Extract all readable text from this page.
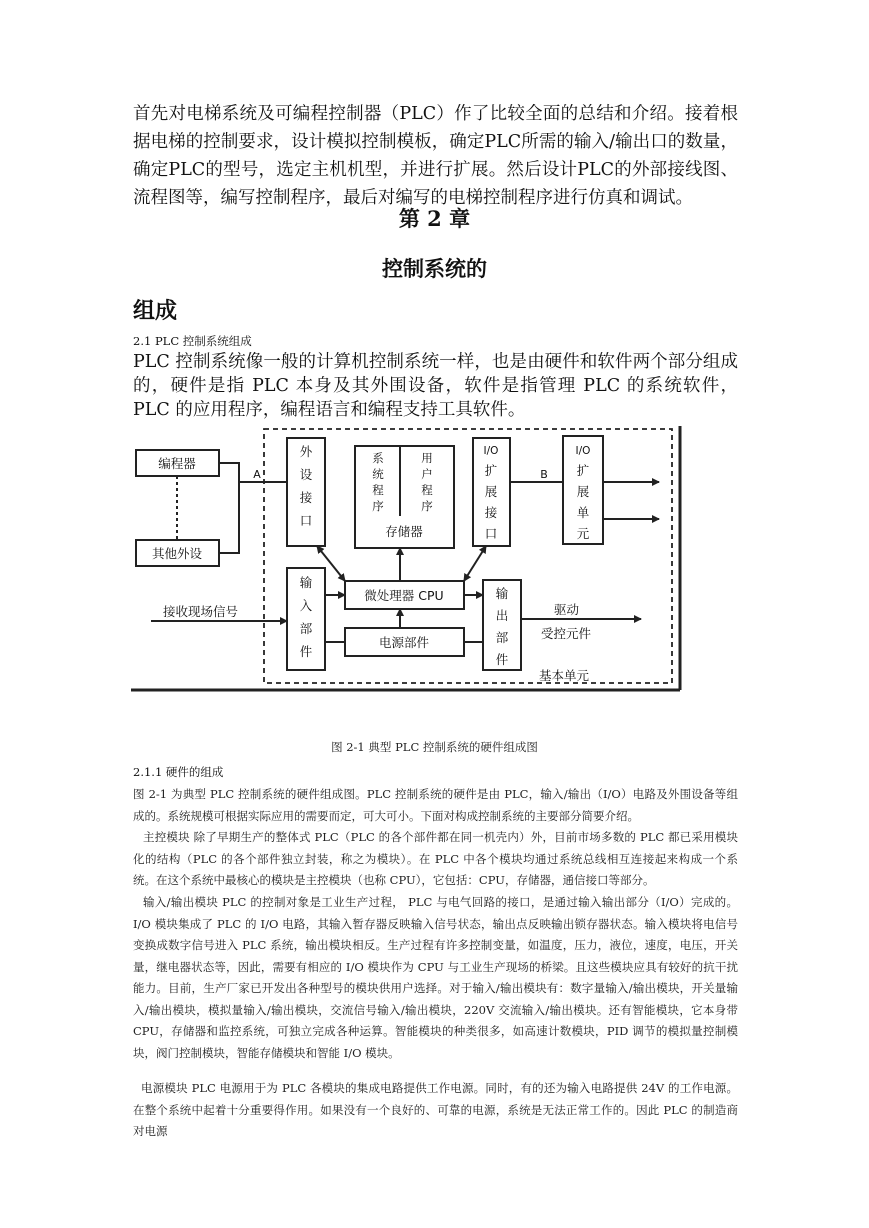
首先对电梯系统及可编程控制器（PLC）作了比较全面的总结和介绍。接着根据电梯的控制要求，设计模拟控制模板，确定PLC所需的输入/输出口的数量，确定PLC的型号，选定主机机型，并进行扩展。然后设计PLC的外部接线图、流程图等，编写控制程序，最后对编写的电梯控制程序进行仿真和调试。

第 2 章

控制系统的

组成

2.1 PLC 控制系统组成

PLC 控制系统像一般的计算机控制系统一样，也是由硬件和软件两个部分组成的，硬件是指 PLC 本身及其外围设备，软件是指管理 PLC 的系统软件，PLC 的应用程序，编程语言和编程支持工具软件。

编程器
其他外设
A	B
外
设
接
口
系
统
程
序
用
户
程
序
存储器
I/O
扩
展
接
口
I/O
扩
展
单
元
输
入
部
件
微处理器 CPU
电源部件
输
出
部
件
接收现场信号	驱动
受控元件
基本单元

图 2-1 典型 PLC 控制系统的硬件组成图

2.1.1 硬件的组成

图 2-1 为典型 PLC 控制系统的硬件组成图。PLC 控制系统的硬件是由 PLC，输入/输出（I/O）电路及外围设备等组成的。系统规模可根据实际应用的需要而定，可大可小。下面对构成控制系统的主要部分简要介绍。

主控模块 除了早期生产的整体式 PLC（PLC 的各个部件都在同一机壳内）外，目前市场多数的 PLC 都已采用模块化的结构（PLC 的各个部件独立封装，称之为模块）。在 PLC 中各个模块均通过系统总线相互连接起来构成一个系统。在这个系统中最核心的模块是主控模块（也称 CPU），它包括：CPU，存储器，通信接口等部分。

输入/输出模块 PLC 的控制对象是工业生产过程， PLC 与电气回路的接口，是通过输入输出部分（I/O）完成的。I/O 模块集成了 PLC 的 I/O 电路，其输入暂存器反映输入信号状态，输出点反映输出锁存器状态。输入模块将电信号变换成数字信号进入 PLC 系统，输出模块相反。生产过程有许多控制变量，如温度，压力，液位，速度，电压，开关量，继电器状态等，因此，需要有相应的 I/O 模块作为 CPU 与工业生产现场的桥梁。且这些模块应具有较好的抗干扰能力。目前，生产厂家已开发出各种型号的模块供用户选择。对于输入/输出模块有：数字量输入/输出模块，开关量输入/输出模块，模拟量输入/输出模块，交流信号输入/输出模块，220V 交流输入/输出模块。还有智能模块，它本身带 CPU，存储器和监控系统，可独立完成各种运算。智能模块的种类很多，如高速计数模块，PID 调节的模拟量控制模块，阀门控制模块，智能存储模块和智能 I/O 模块。

电源模块 PLC 电源用于为 PLC 各模块的集成电路提供工作电源。同时，有的还为输入电路提供 24V 的工作电源。在整个系统中起着十分重要得作用。如果没有一个良好的、可靠的电源，系统是无法正常工作的。因此 PLC 的制造商对电源
